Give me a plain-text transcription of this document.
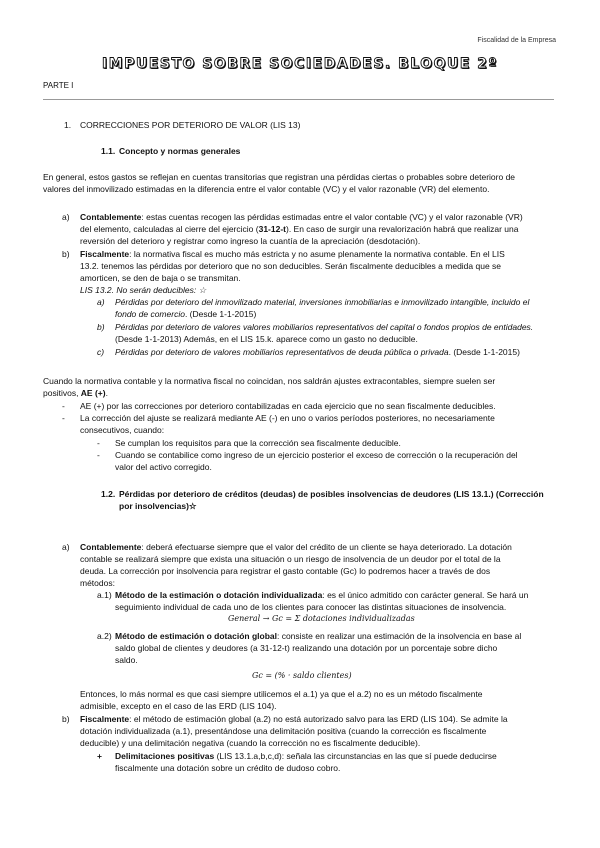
Fiscalidad de la Empresa
IMPUESTO SOBRE SOCIEDADES. BLOQUE 2º
PARTE I
1. CORRECCIONES POR DETERIORO DE VALOR (LIS 13)
1.1. Concepto y normas generales
En general, estos gastos se reflejan en cuentas transitorias que registran una pérdidas ciertas o probables sobre deterioro de
valores del inmovilizado estimadas en la diferencia entre el valor contable (VC) y el valor razonable (VR) del elemento.
a) Contablemente: estas cuentas recogen las pérdidas estimadas entre el valor contable (VC) y el valor razonable (VR)
del elemento, calculadas al cierre del ejercicio (31-12-t). En caso de surgir una revalorización habrá que realizar una
reversión del deterioro y registrar como ingreso la cuantía de la apreciación (desdotación).
b) Fiscalmente: la normativa fiscal es mucho más estricta y no asume plenamente la normativa contable. En el LIS
13.2. tenemos las pérdidas por deterioro que no son deducibles. Serán fiscalmente deducibles a medida que se
amorticen, se den de baja o se transmitan.
LIS 13.2. No serán deducibles: ☆
a) Pérdidas por deterioro del inmovilizado material, inversiones inmobiliarias e inmovilizado intangible, incluido el
fondo de comercio. (Desde 1-1-2015)
b) Pérdidas por deterioro de valores valores mobiliarios representativos del capital o fondos propios de entidades.
(Desde 1-1-2013) Además, en el LIS 15.k. aparece como un gasto no deducible.
c) Pérdidas por deterioro de valores mobiliarios representativos de deuda pública o privada. (Desde 1-1-2015)
Cuando la normativa contable y la normativa fiscal no coincidan, nos saldrán ajustes extracontables, siempre suelen ser
positivos, AE (+).
- AE (+) por las correcciones por deterioro contabilizadas en cada ejercicio que no sean fiscalmente deducibles.
- La corrección del ajuste se realizará mediante AE (-) en uno o varios períodos posteriores, no necesariamente
consecutivos, cuando:
- Se cumplan los requisitos para que la corrección sea fiscalmente deducible.
- Cuando se contabilice como ingreso de un ejercicio posterior el exceso de corrección o la recuperación del
valor del activo corregido.
1.2. Pérdidas por deterioro de créditos (deudas) de posibles insolvencias de deudores (LIS 13.1.) (Corrección
por insolvencias)☆
a) Contablemente: deberá efectuarse siempre que el valor del crédito de un cliente se haya deteriorado. La dotación
contable se realizará siempre que exista una situación o un riesgo de insolvencia de un deudor por el total de la
deuda. La corrección por insolvencia para registrar el gasto contable (Gc) lo podremos hacer a través de dos
métodos:
a.1) Método de la estimación o dotación individualizada: es el único admitido con carácter general. Se hará un
seguimiento individual de cada uno de los clientes para conocer las distintas situaciones de insolvencia.
General → Gc = Σ dotaciones individualizadas
a.2) Método de estimación o dotación global: consiste en realizar una estimación de la insolvencia en base al
saldo global de clientes y deudores (a 31-12-t) realizando una dotación por un porcentaje sobre dicho
saldo.
Gc = (% · saldo clientes)
Entonces, lo más normal es que casi siempre utilicemos el a.1) ya que el a.2) no es un método fiscalmente
admisible, excepto en el caso de las ERD (LIS 104).
b) Fiscalmente: el método de estimación global (a.2) no está autorizado salvo para las ERD (LIS 104). Se admite la
dotación individualizada (a.1), presentándose una delimitación positiva (cuando la corrección es fiscalmente
deducible) y una delimitación negativa (cuando la corrección no es fiscalmente deducible).
+ Delimitaciones positivas (LIS 13.1.a,b,c,d): señala las circunstancias en las que sí puede deducirse
fiscalmente una dotación sobre un crédito de dudoso cobro.
